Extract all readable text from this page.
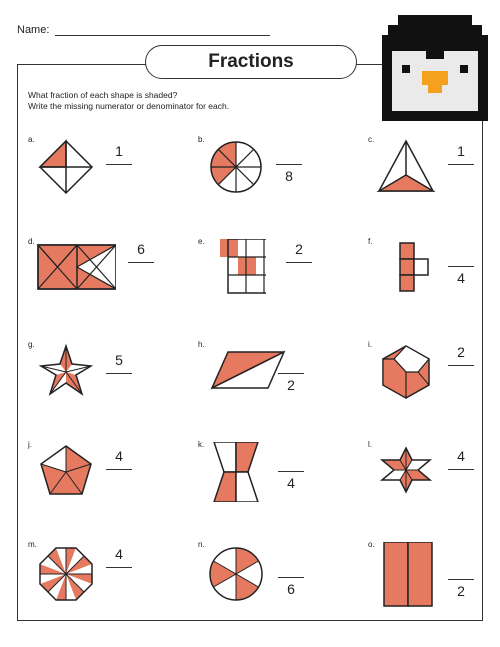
Name:
Fractions
What fraction of each shape is shaded?
Write the missing numerator or denominator for each.
a.
1
b.
8
c.
1
d.	6	e.	2	f.
4
g.
5
h.
2
i.	2
j.
4
k.
4
l.
4
m.
4
n.
6
o.
2
